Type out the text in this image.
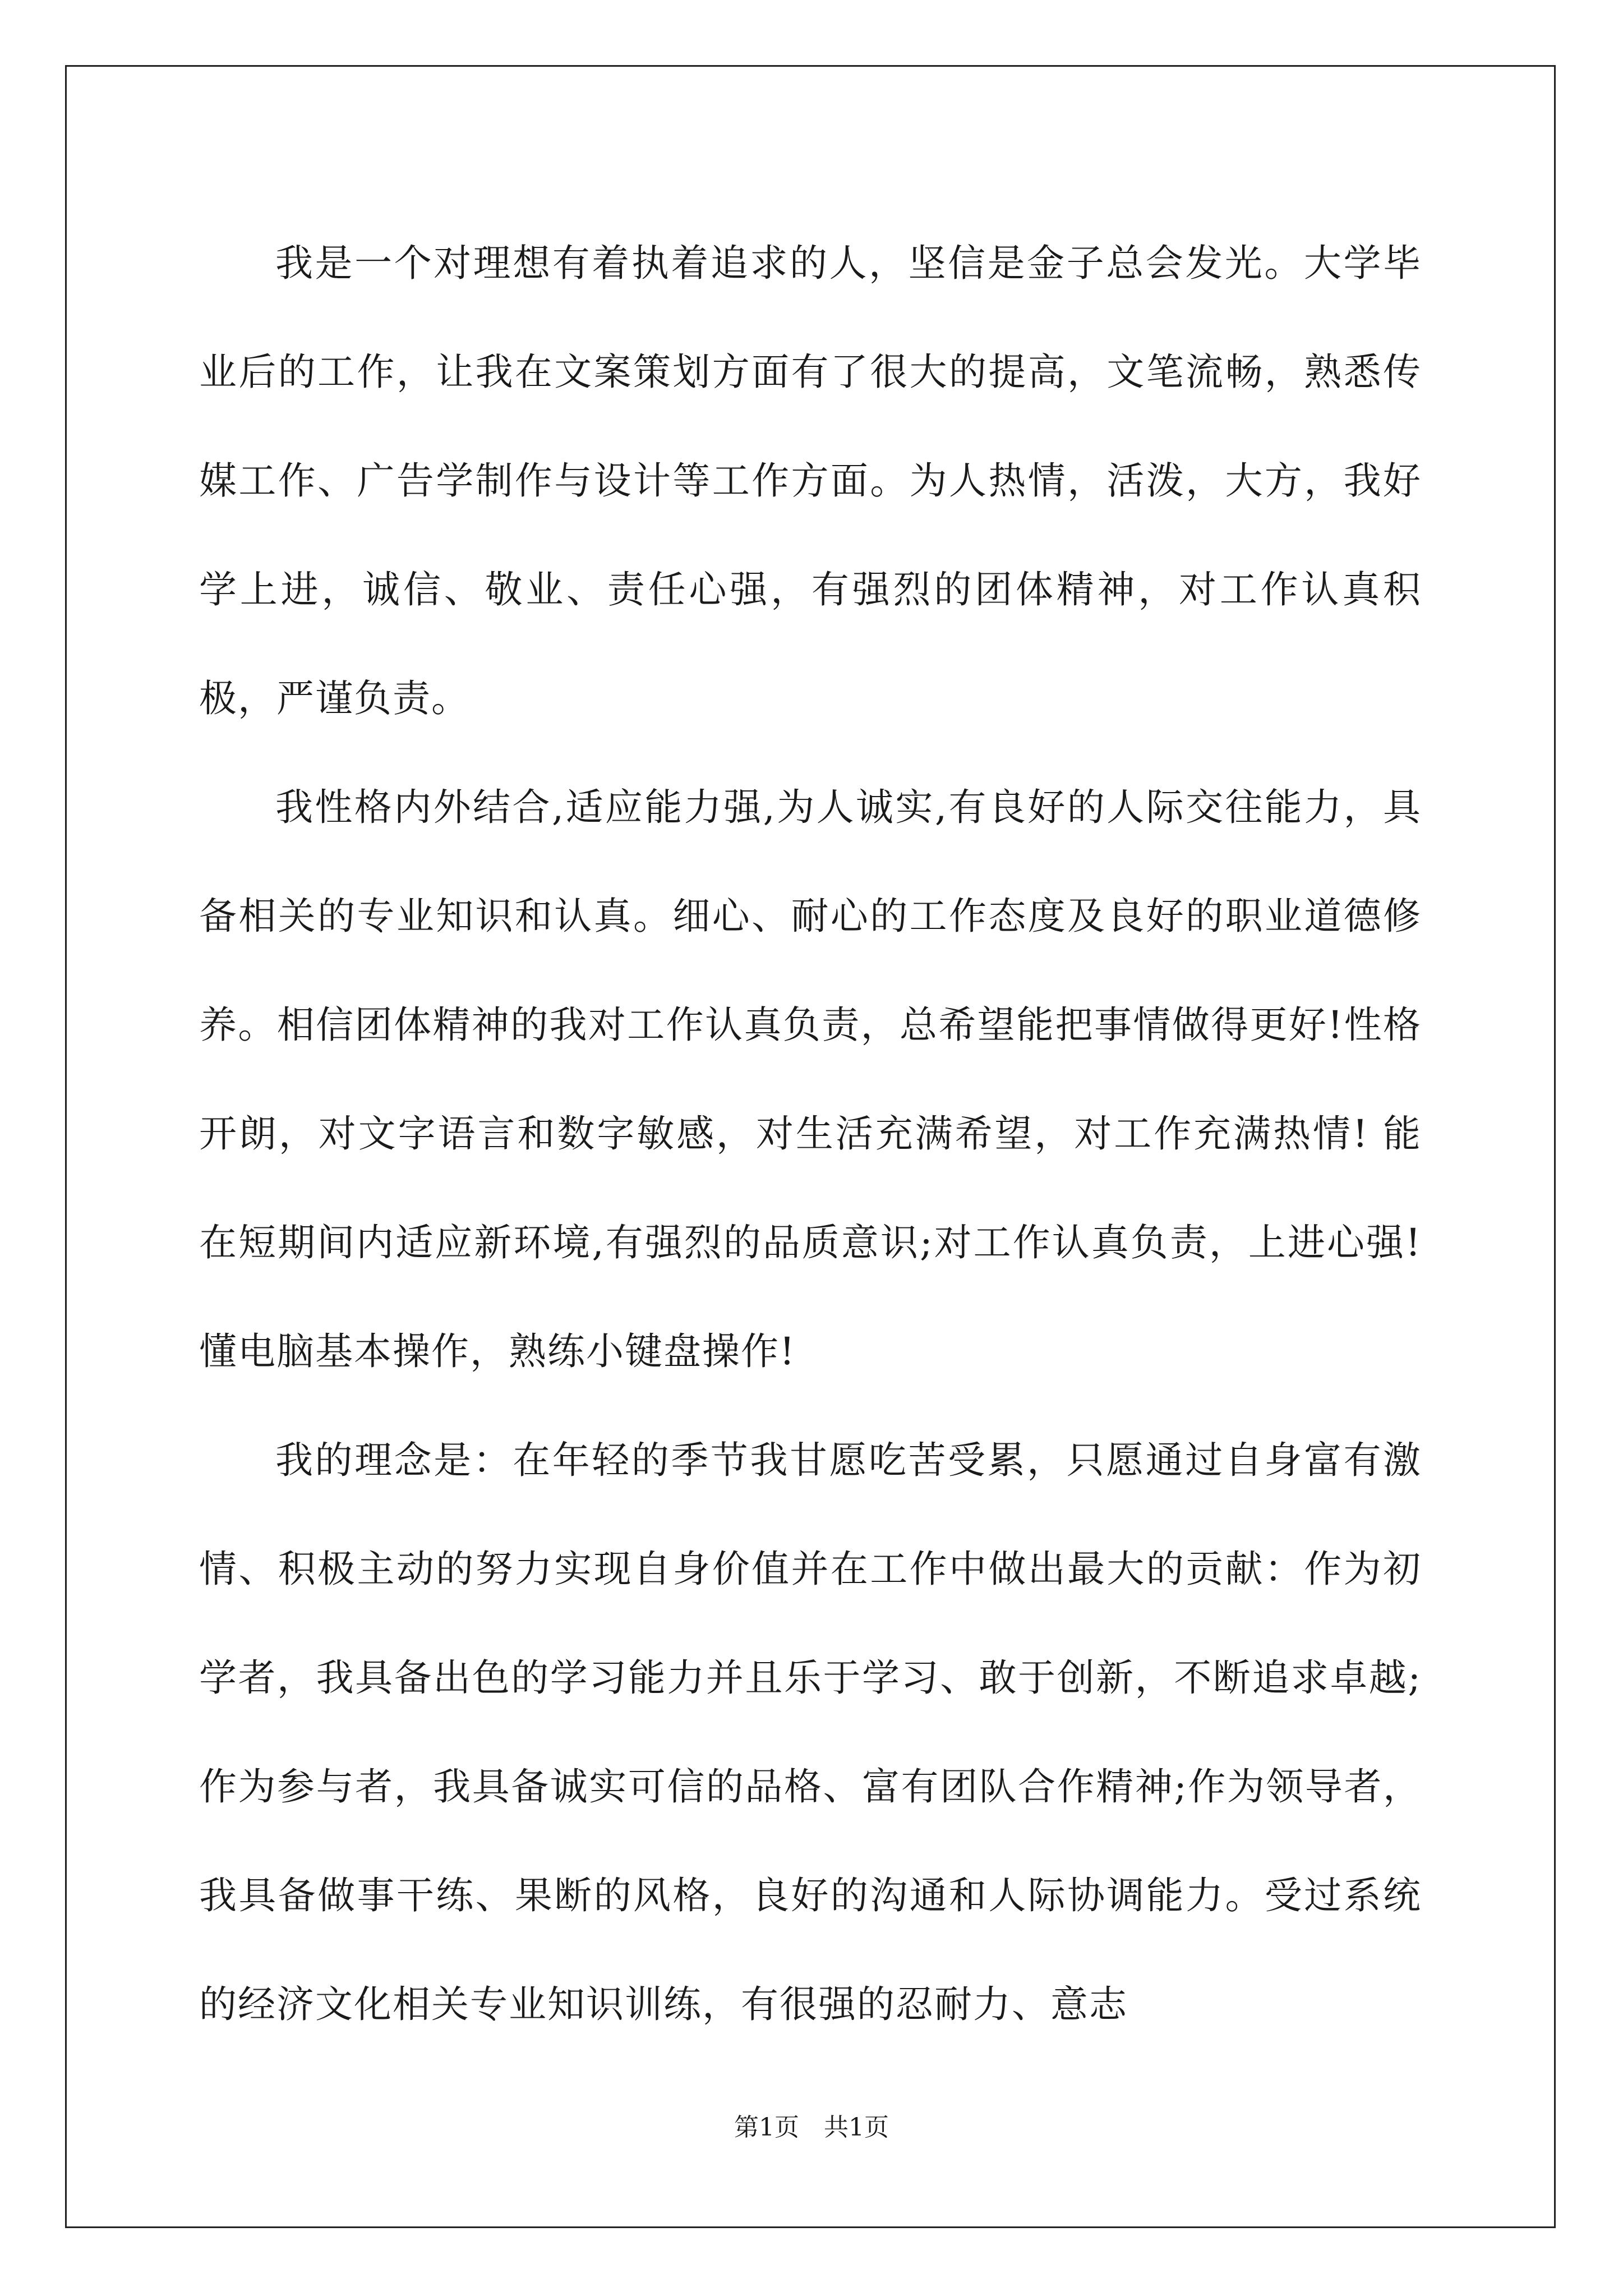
我是一个对理想有着执着追求的人，坚信是金子总会发光。大学毕业后的工作，让我在文案策划方面有了很大的提高，文笔流畅，熟悉传媒工作、广告学制作与设计等工作方面。为人热情，活泼，大方，我好学上进，诚信、敬业、责任心强，有强烈的团体精神，对工作认真积极，严谨负责。

我性格内外结合,适应能力强,为人诚实,有良好的人际交往能力，具备相关的专业知识和认真。细心、耐心的工作态度及良好的职业道德修养。相信团体精神的我对工作认真负责，总希望能把事情做得更好!性格开朗，对文字语言和数字敏感，对生活充满希望，对工作充满热情! 能在短期间内适应新环境,有强烈的品质意识;对工作认真负责，上进心强!懂电脑基本操作，熟练小键盘操作!

我的理念是：在年轻的季节我甘愿吃苦受累，只愿通过自身富有激情、积极主动的努力实现自身价值并在工作中做出最大的贡献：作为初学者，我具备出色的学习能力并且乐于学习、敢于创新，不断追求卓越;作为参与者，我具备诚实可信的品格、富有团队合作精神;作为领导者，我具备做事干练、果断的风格，良好的沟通和人际协调能力。受过系统的经济文化相关专业知识训练，有很强的忍耐力、意志

第1页　共1页
